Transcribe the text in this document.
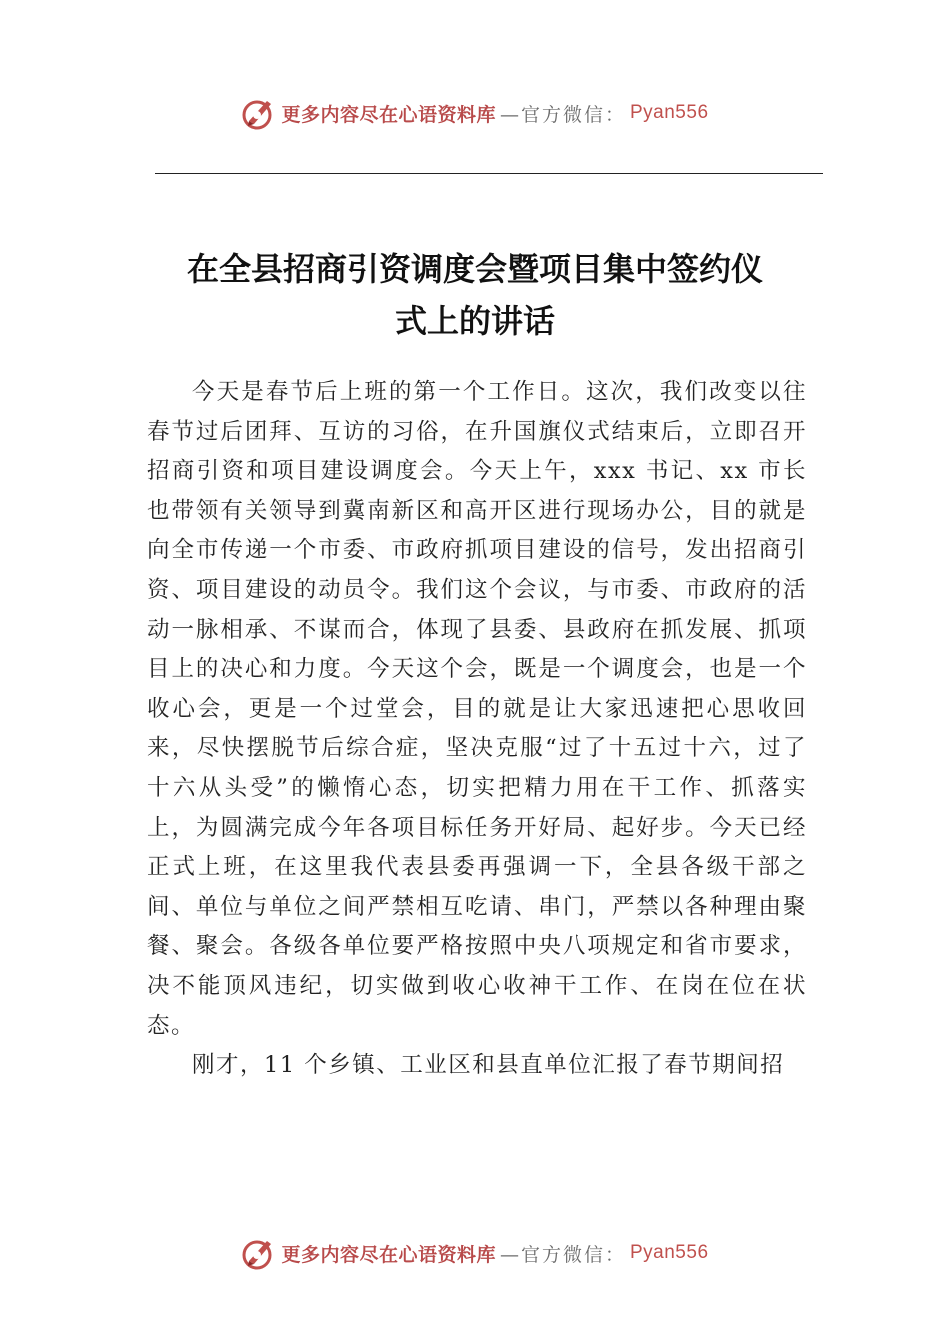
更多内容尽在心语资料库 —官方微信： Pyan556
在全县招商引资调度会暨项目集中签约仪
式上的讲话

今天是春节后上班的第一个工作日。这次，我们改变以往春节过后团拜、互访的习俗，在升国旗仪式结束后，立即召开招商引资和项目建设调度会。今天上午，xxx 书记、xx 市长也带领有关领导到冀南新区和高开区进行现场办公，目的就是向全市传递一个市委、市政府抓项目建设的信号，发出招商引资、项目建设的动员令。我们这个会议，与市委、市政府的活动一脉相承、不谋而合，体现了县委、县政府在抓发展、抓项目上的决心和力度。今天这个会，既是一个调度会，也是一个收心会，更是一个过堂会，目的就是让大家迅速把心思收回来，尽快摆脱节后综合症，坚决克服“过了十五过十六，过了十六从头受”的懒惰心态，切实把精力用在干工作、抓落实上，为圆满完成今年各项目标任务开好局、起好步。今天已经正式上班，在这里我代表县委再强调一下，全县各级干部之间、单位与单位之间严禁相互吃请、串门，严禁以各种理由聚餐、聚会。各级各单位要严格按照中央八项规定和省市要求，决不能顶风违纪，切实做到收心收神干工作、在岗在位在状态。

刚才，11 个乡镇、工业区和县直单位汇报了春节期间招

更多内容尽在心语资料库 —官方微信： Pyan556
